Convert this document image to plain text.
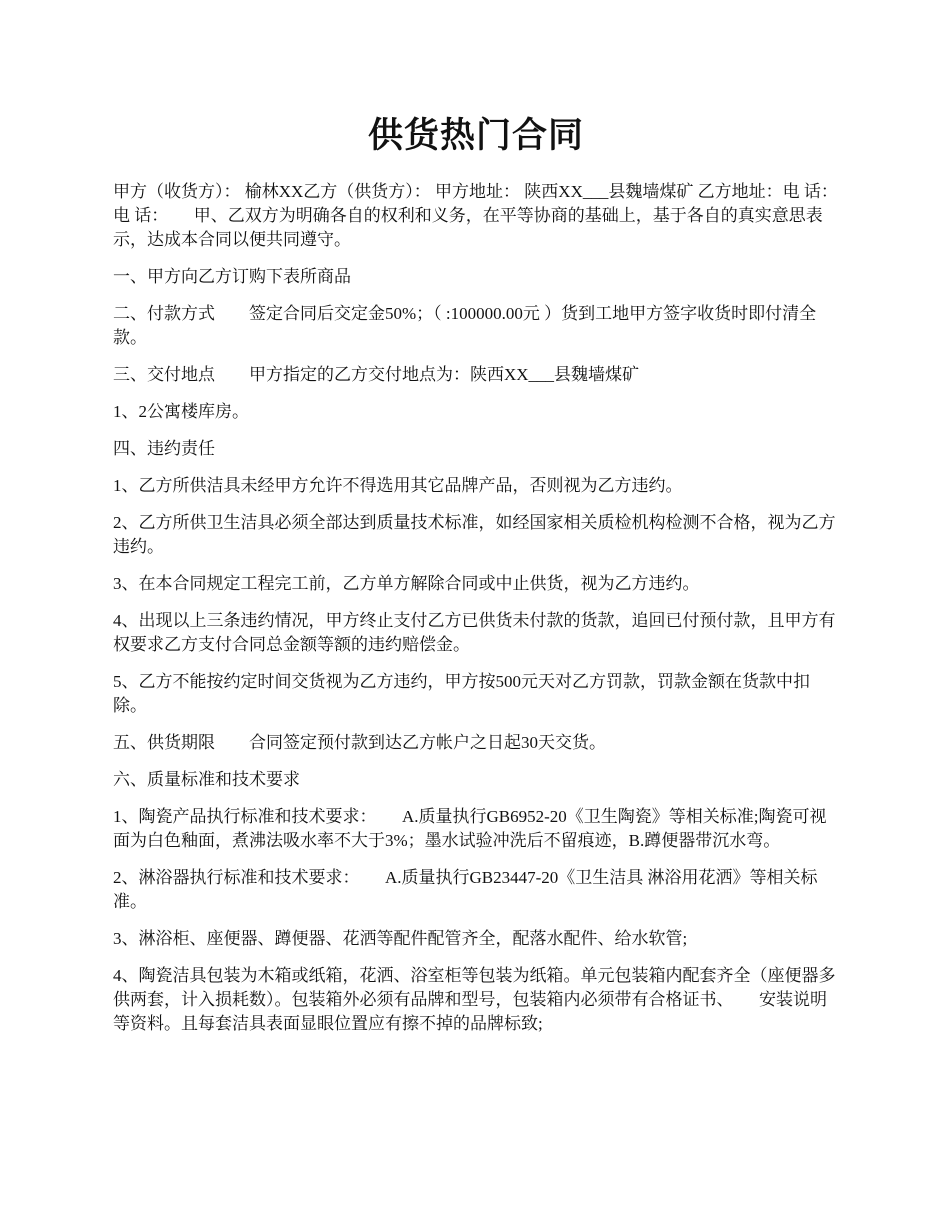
供货热门合同

甲方（收货方）： 榆林XX乙方（供货方）： 甲方地址： 陕西XX___县魏墙煤矿 乙方地址：电 话：电 话：　　甲、乙双方为明确各自的权利和义务，在平等协商的基础上，基于各自的真实意思表示，达成本合同以便共同遵守。

一、甲方向乙方订购下表所商品

二、付款方式　　签定合同后交定金50%；（ :100000.00元 ）货到工地甲方签字收货时即付清全款。

三、交付地点　　甲方指定的乙方交付地点为：陕西XX___县魏墙煤矿

1、2公寓楼库房。

四、违约责任

1、乙方所供洁具未经甲方允许不得选用其它品牌产品，否则视为乙方违约。

2、乙方所供卫生洁具必须全部达到质量技术标准，如经国家相关质检机构检测不合格，视为乙方违约。

3、在本合同规定工程完工前，乙方单方解除合同或中止供货，视为乙方违约。

4、出现以上三条违约情况，甲方终止支付乙方已供货未付款的货款，追回已付预付款，且甲方有权要求乙方支付合同总金额等额的违约赔偿金。

5、乙方不能按约定时间交货视为乙方违约，甲方按500元天对乙方罚款，罚款金额在货款中扣除。

五、供货期限　　合同签定预付款到达乙方帐户之日起30天交货。

六、质量标准和技术要求

1、陶瓷产品执行标准和技术要求：　　A.质量执行GB6952-20《卫生陶瓷》等相关标准;陶瓷可视面为白色釉面，煮沸法吸水率不大于3%；墨水试验冲洗后不留痕迹，B.蹲便器带沉水弯。

2、淋浴器执行标准和技术要求：　　A.质量执行GB23447-20《卫生洁具 淋浴用花洒》等相关标准。

3、淋浴柜、座便器、蹲便器、花洒等配件配管齐全，配落水配件、给水软管;

4、陶瓷洁具包装为木箱或纸箱，花洒、浴室柜等包装为纸箱。单元包装箱内配套齐全（座便器多供两套，计入损耗数）。包装箱外必须有品牌和型号，包装箱内必须带有合格证书、　　安装说明等资料。且每套洁具表面显眼位置应有擦不掉的品牌标致;
